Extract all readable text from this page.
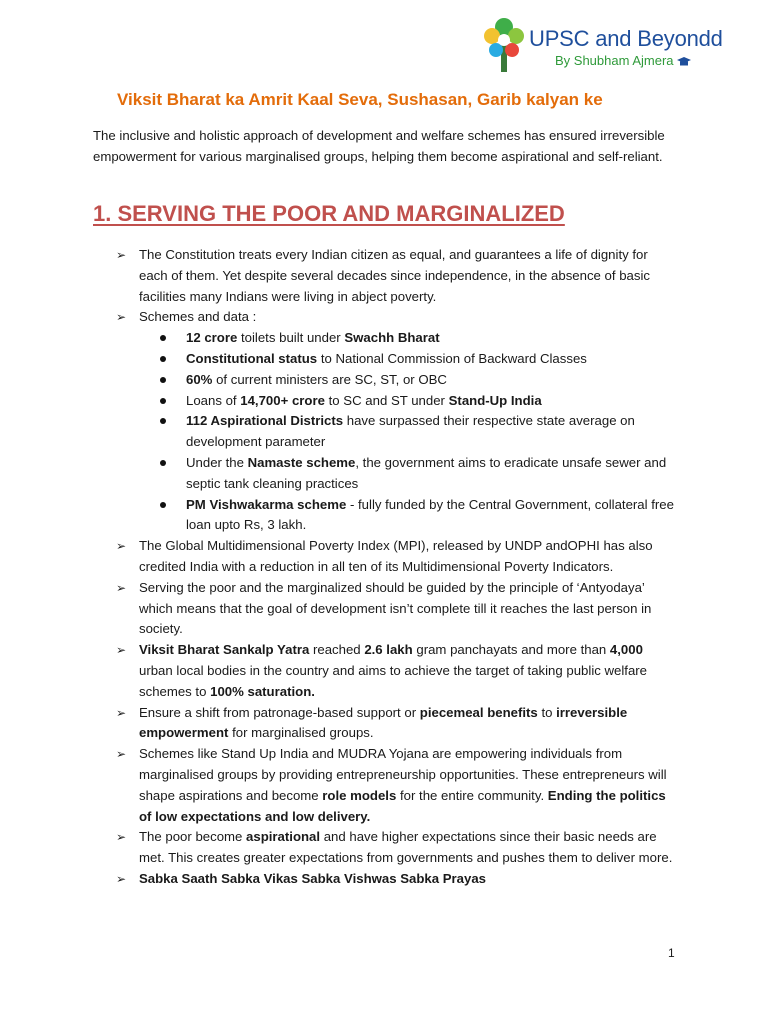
UPSC and Beyondd
By Shubham Ajmera
Viksit Bharat ka Amrit Kaal Seva, Sushasan, Garib kalyan ke

The inclusive and holistic approach of development and welfare schemes has ensured irreversible empowerment for various marginalised groups, helping them become aspirational and self-reliant.

1. SERVING THE POOR AND MARGINALIZED
➢ The Constitution treats every Indian citizen as equal, and guarantees a life of dignity for each of them. Yet despite several decades since independence, in the absence of basic facilities many Indians were living in abject poverty.
➢ Schemes and data :
12 crore toilets built under Swachh Bharat
Constitutional status to National Commission of Backward Classes
60% of current ministers are SC, ST, or OBC
Loans of 14,700+ crore to SC and ST under Stand-Up India
112 Aspirational Districts have surpassed their respective state average on development parameter
Under the Namaste scheme, the government aims to eradicate unsafe sewer and septic tank cleaning practices
PM Vishwakarma scheme - fully funded by the Central Government, collateral free loan upto Rs, 3 lakh.
➢ The Global Multidimensional Poverty Index (MPI), released by UNDP andOPHI has also credited India with a reduction in all ten of its Multidimensional Poverty Indicators.
➢ Serving the poor and the marginalized should be guided by the principle of ‘Antyodaya’ which means that the goal of development isn’t complete till it reaches the last person in society.
➢ Viksit Bharat Sankalp Yatra reached 2.6 lakh gram panchayats and more than 4,000 urban local bodies in the country and aims to achieve the target of taking public welfare schemes to 100% saturation.
➢ Ensure a shift from patronage-based support or piecemeal benefits to irreversible empowerment for marginalised groups.
➢ Schemes like Stand Up India and MUDRA Yojana are empowering individuals from marginalised groups by providing entrepreneurship opportunities. These entrepreneurs will shape aspirations and become role models for the entire community. Ending the politics of low expectations and low delivery.
➢ The poor become aspirational and have higher expectations since their basic needs are met. This creates greater expectations from governments and pushes them to deliver more.
➢ Sabka Saath Sabka Vikas Sabka Vishwas Sabka Prayas
1
